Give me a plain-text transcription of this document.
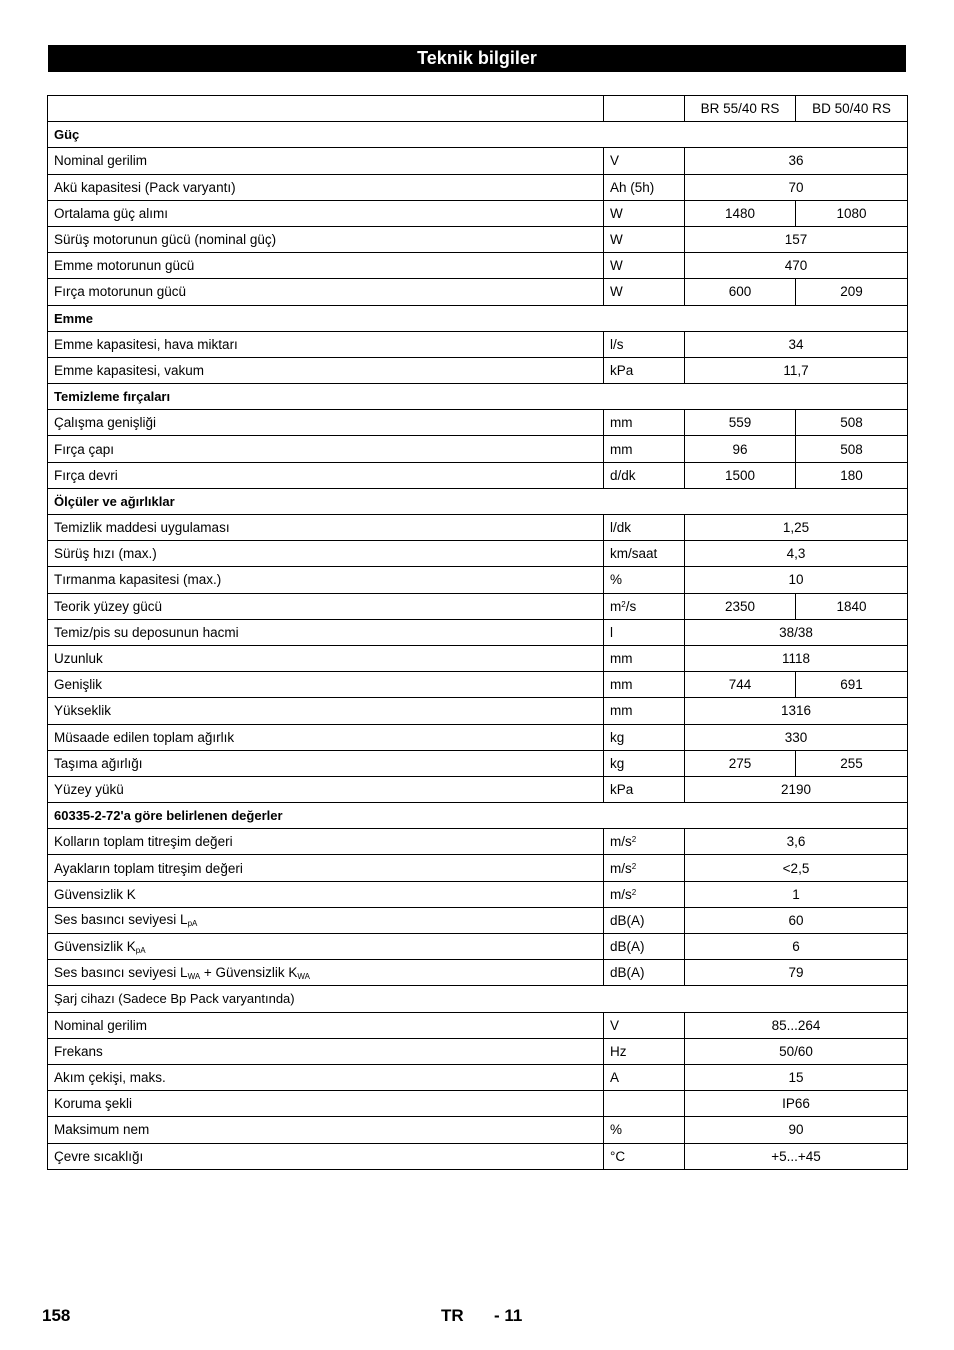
Teknik bilgiler
		BR 55/40 RS	BD 50/40 RS
Güç			
Nominal gerilim	V	36	
Akü kapasitesi (Pack varyantı)	Ah (5h)	70	
Ortalama güç alımı	W	1480	1080
Sürüş motorunun gücü (nominal güç)	W	157	
Emme motorunun gücü	W	470	
Fırça motorunun gücü	W	600	209
Emme			
Emme kapasitesi, hava miktarı	l/s	34	
Emme kapasitesi, vakum	kPa	11,7	
Temizleme fırçaları			
Çalışma genişliği	mm	559	508
Fırça çapı	mm	96	508
Fırça devri	d/dk	1500	180
Ölçüler ve ağırlıklar			
Temizlik maddesi uygulaması	l/dk	1,25	
Sürüş hızı (max.)	km/saat	4,3	
Tırmanma kapasitesi (max.)	%	10	
Teorik yüzey gücü	$m^2/s$	2350	1840
Temiz/pis su deposunun hacmi	l	38/38	
Uzunluk	mm	1118	
Genişlik	mm	744	691
Yükseklik	mm	1316	
Müsaade edilen toplam ağırlık	kg	330	
Taşıma ağırlığı	kg	275	255
Yüzey yükü	kPa	2190	
60335-2-72'a göre belirlenen değerler			
Kolların toplam titreşim değeri	$m/s^2$	3,6	
Ayakların toplam titreşim değeri	$m/s^2$	<2,5	
Güvensizlik K	$m/s^2$	1	
Ses basıncı seviyesi $L_{pA}$	dB(A)	60	
Güvensizlik $K_{pA}$	dB(A)	6	
Ses basıncı seviyesi $L_{WA}$ + Güvensizlik $K_{WA}$	dB(A)	79	
Şarj cihazı (Sadece Bp Pack varyantında)			
Nominal gerilim	V	85...264	
Frekans	Hz	50/60	
Akım çekişi, maks.	A	15	
Koruma şekli		IP66	
Maksimum nem	%	90	
Çevre sıcaklığı	°C	+5...+45	
158	TR - 11
